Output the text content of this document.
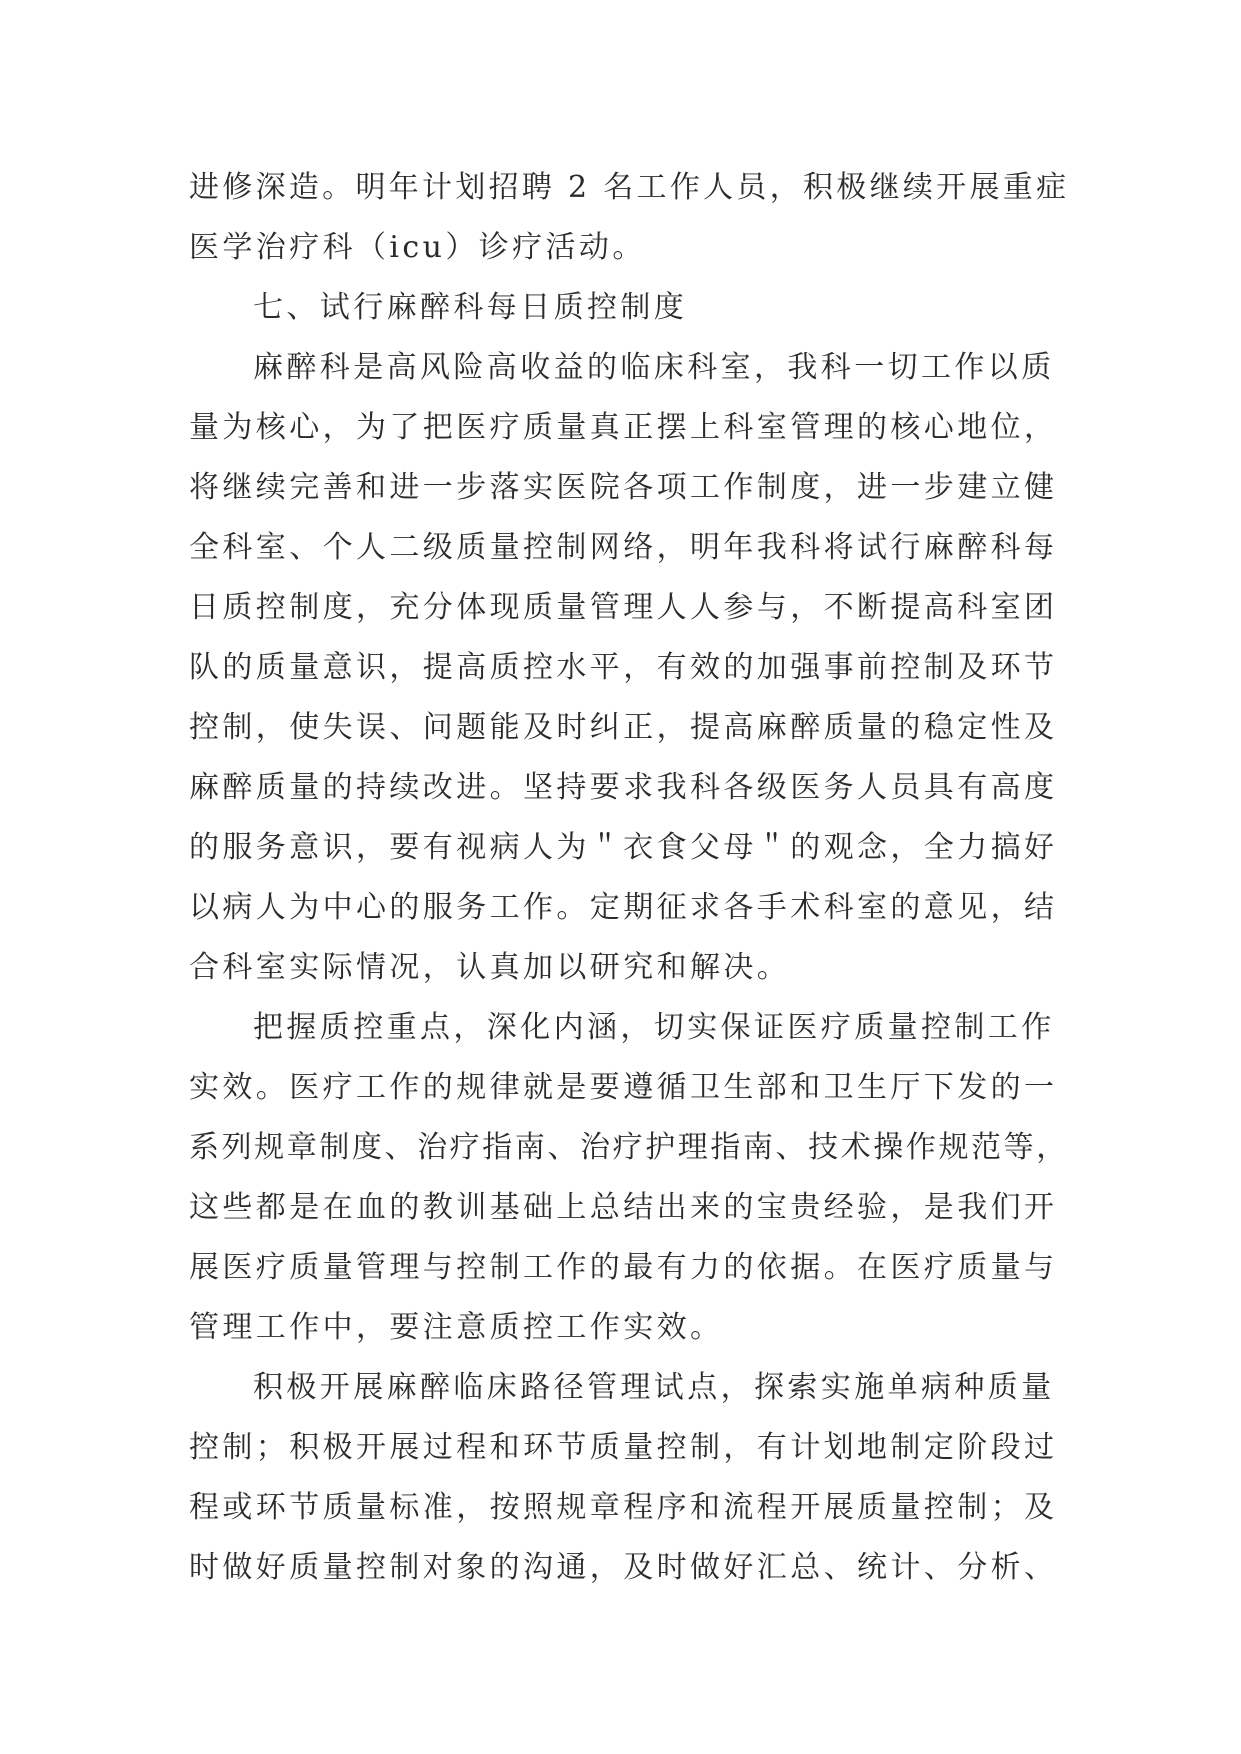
进修深造。明年计划招聘 2 名工作人员，积极继续开展重症
医学治疗科（icu）诊疗活动。
七、试行麻醉科每日质控制度
麻醉科是高风险高收益的临床科室，我科一切工作以质
量为核心，为了把医疗质量真正摆上科室管理的核心地位，
将继续完善和进一步落实医院各项工作制度，进一步建立健
全科室、个人二级质量控制网络，明年我科将试行麻醉科每
日质控制度，充分体现质量管理人人参与，不断提高科室团
队的质量意识，提高质控水平，有效的加强事前控制及环节
控制，使失误、问题能及时纠正，提高麻醉质量的稳定性及
麻醉质量的持续改进。坚持要求我科各级医务人员具有高度
的服务意识，要有视病人为＂衣食父母＂的观念，全力搞好
以病人为中心的服务工作。定期征求各手术科室的意见，结
合科室实际情况，认真加以研究和解决。
把握质控重点，深化内涵，切实保证医疗质量控制工作
实效。医疗工作的规律就是要遵循卫生部和卫生厅下发的一
系列规章制度、治疗指南、治疗护理指南、技术操作规范等，
这些都是在血的教训基础上总结出来的宝贵经验，是我们开
展医疗质量管理与控制工作的最有力的依据。在医疗质量与
管理工作中，要注意质控工作实效。
积极开展麻醉临床路径管理试点，探索实施单病种质量
控制；积极开展过程和环节质量控制，有计划地制定阶段过
程或环节质量标准，按照规章程序和流程开展质量控制；及
时做好质量控制对象的沟通，及时做好汇总、统计、分析、
